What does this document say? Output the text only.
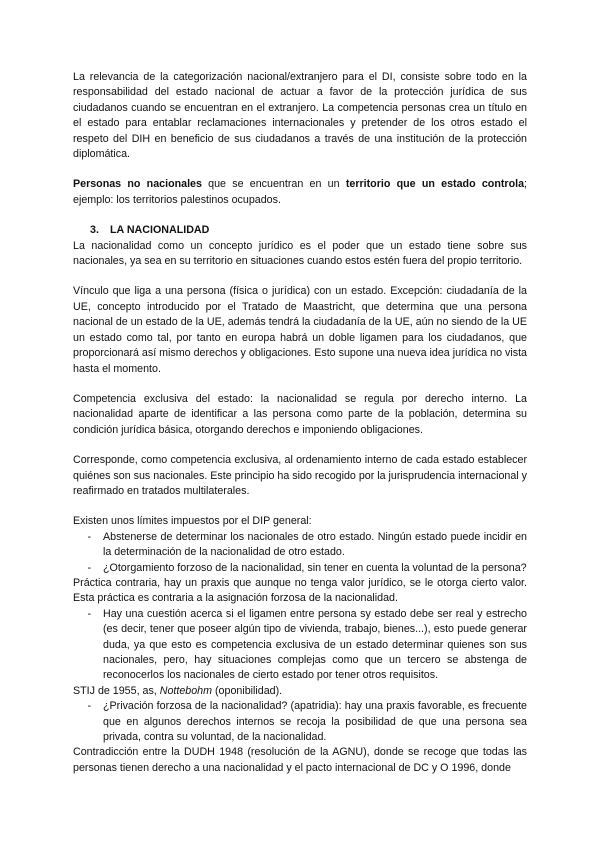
La relevancia de la categorización nacional/extranjero para el DI, consiste sobre todo en la responsabilidad del estado nacional de actuar a favor de la protección jurídica de sus ciudadanos cuando se encuentran en el extranjero. La competencia personas crea un título en el estado para entablar reclamaciones internacionales y pretender de los otros estado el respeto del DIH en beneficio de sus ciudadanos a través de una institución de la protección diplomática.

Personas no nacionales que se encuentran en un territorio que un estado controla; ejemplo: los territorios palestinos ocupados.

3. LA NACIONALIDAD

La nacionalidad como un concepto jurídico es el poder que un estado tiene sobre sus nacionales, ya sea en su territorio en situaciones cuando estos estén fuera del propio territorio.

Vínculo que liga a una persona (física o jurídica) con un estado. Excepción: ciudadanía de la UE, concepto introducido por el Tratado de Maastricht, que determina que una persona nacional de un estado de la UE, además tendrá la ciudadanía de la UE, aún no siendo de la UE un estado como tal, por tanto en europa habrá un doble ligamen para los ciudadanos, que proporcionará así mismo derechos y obligaciones. Esto supone una nueva idea jurídica no vista hasta el momento.

Competencia exclusiva del estado: la nacionalidad se regula por derecho interno. La nacionalidad aparte de identificar a las persona como parte de la población, determina su condición jurídica básica, otorgando derechos e imponiendo obligaciones.

Corresponde, como competencia exclusiva, al ordenamiento interno de cada estado establecer quiénes son sus nacionales. Este principio ha sido recogido por la jurisprudencia internacional y reafirmado en tratados multilaterales.

Existen unos límites impuestos por el DIP general:

-	Abstenerse de determinar los nacionales de otro estado. Ningún estado puede incidir en la determinación de la nacionalidad de otro estado.
-	¿Otorgamiento forzoso de la nacionalidad, sin tener en cuenta la voluntad de la persona?

Práctica contraria, hay un praxis que aunque no tenga valor jurídico, se le otorga cierto valor. Esta práctica es contraria a la asignación forzosa de la nacionalidad.

-	Hay una cuestión acerca si el ligamen entre persona sy estado debe ser real y estrecho (es decir, tener que poseer algún tipo de vivienda, trabajo, bienes...), esto puede generar duda, ya que esto es competencia exclusiva de un estado determinar quienes son sus nacionales, pero, hay situaciones complejas como que un tercero se abstenga de reconocerlos los nacionales de cierto estado por tener otros requisitos.

STIJ de 1955, as, Nottebohm (oponibilidad).

-	¿Privación forzosa de la nacionalidad? (apatridia): hay una praxis favorable, es frecuente que en algunos derechos internos se recoja la posibilidad de que una persona sea privada, contra su voluntad, de la nacionalidad.

Contradicción entre la DUDH 1948 (resolución de la AGNU), donde se recoge que todas las personas tienen derecho a una nacionalidad y el pacto internacional de DC y O 1996, donde
